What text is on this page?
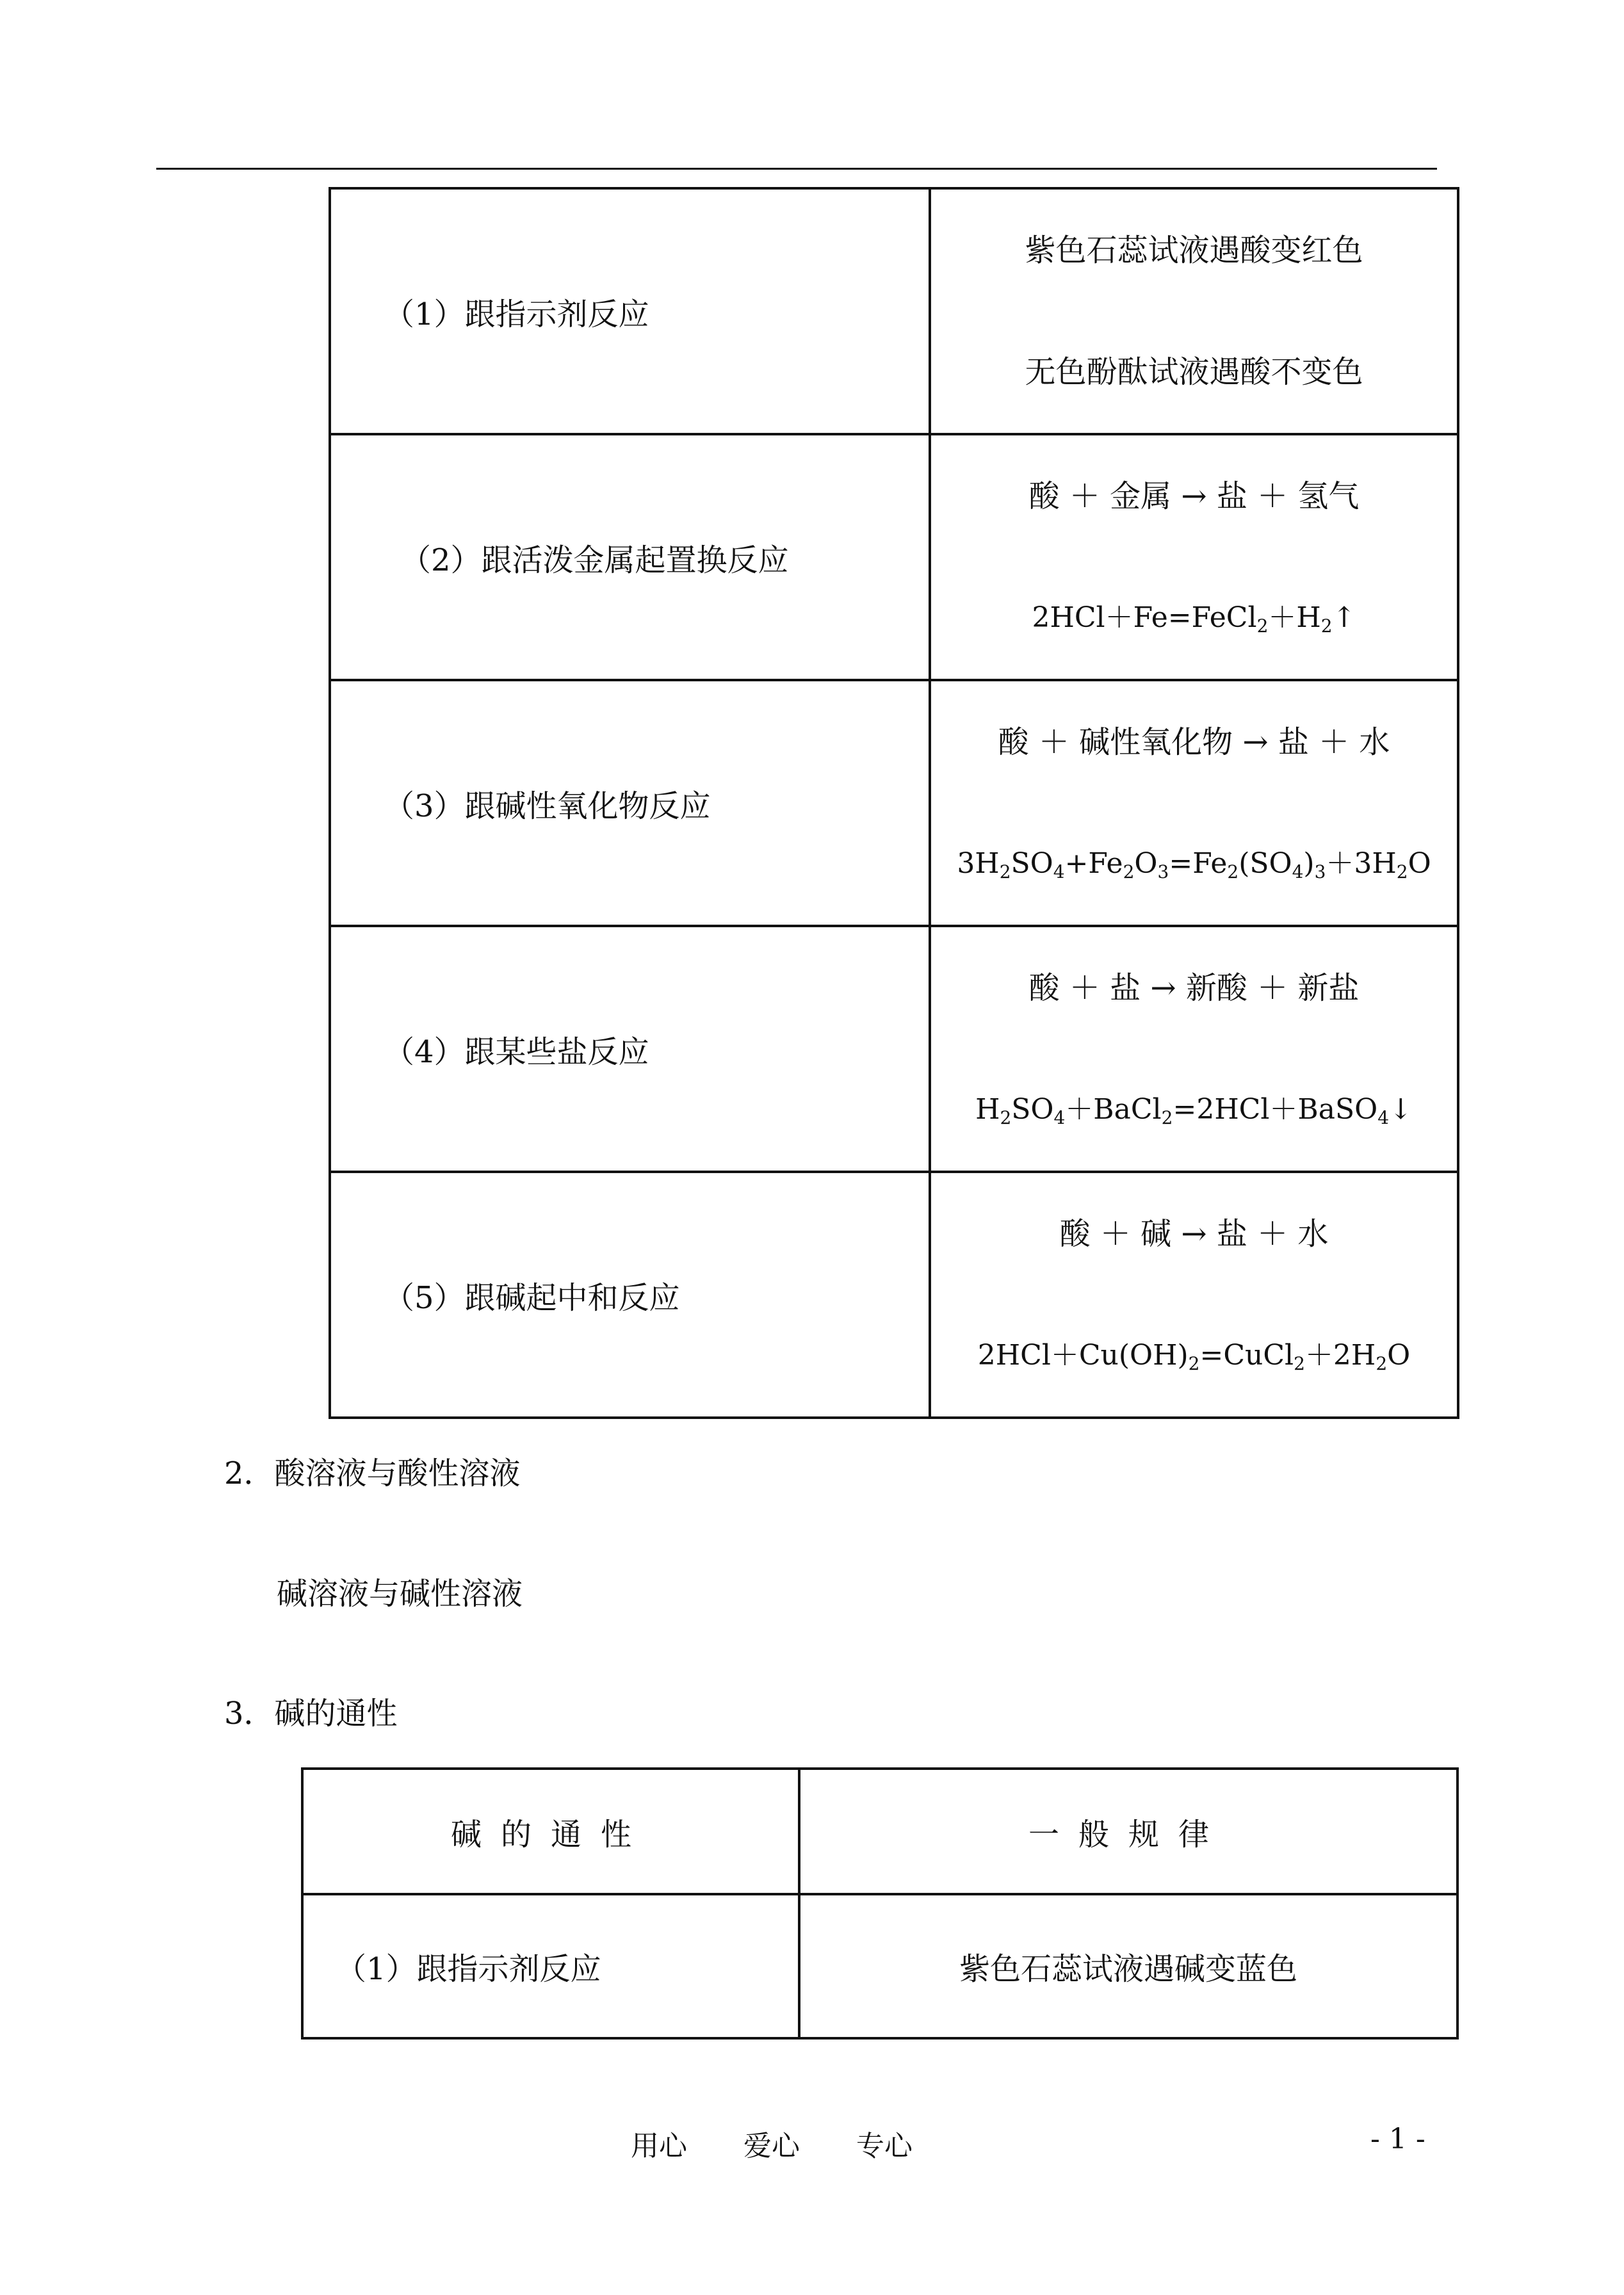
（1）跟指示剂反应	紫色石蕊试液遇酸变红色
无色酚酞试液遇酸不变色

（2）跟活泼金属起置换反应	酸 ＋ 金属 → 盐 ＋ 氢气
$2HCl+Fe=FeCl_2+H_2↑$

（3）跟碱性氧化物反应	酸 ＋ 碱性氧化物 → 盐 ＋ 水
$3H_2SO_4+Fe_2O_3=Fe_2(SO_4)_3+3H_2O$

（4）跟某些盐反应	酸 ＋ 盐 → 新酸 ＋ 新盐
$H_2SO_4+BaCl_2=2HCl+BaSO_4↓$

（5）跟碱起中和反应	酸 ＋ 碱 → 盐 ＋ 水
$2HCl+Cu(OH)_2=CuCl_2+2H_2O$
2．酸溶液与酸性溶液
碱溶液与碱性溶液
3．碱的通性
碱的通性	一般规律
（1）跟指示剂反应	紫色石蕊试液遇碱变蓝色
用心　　爱心　　专心	- 1 -
